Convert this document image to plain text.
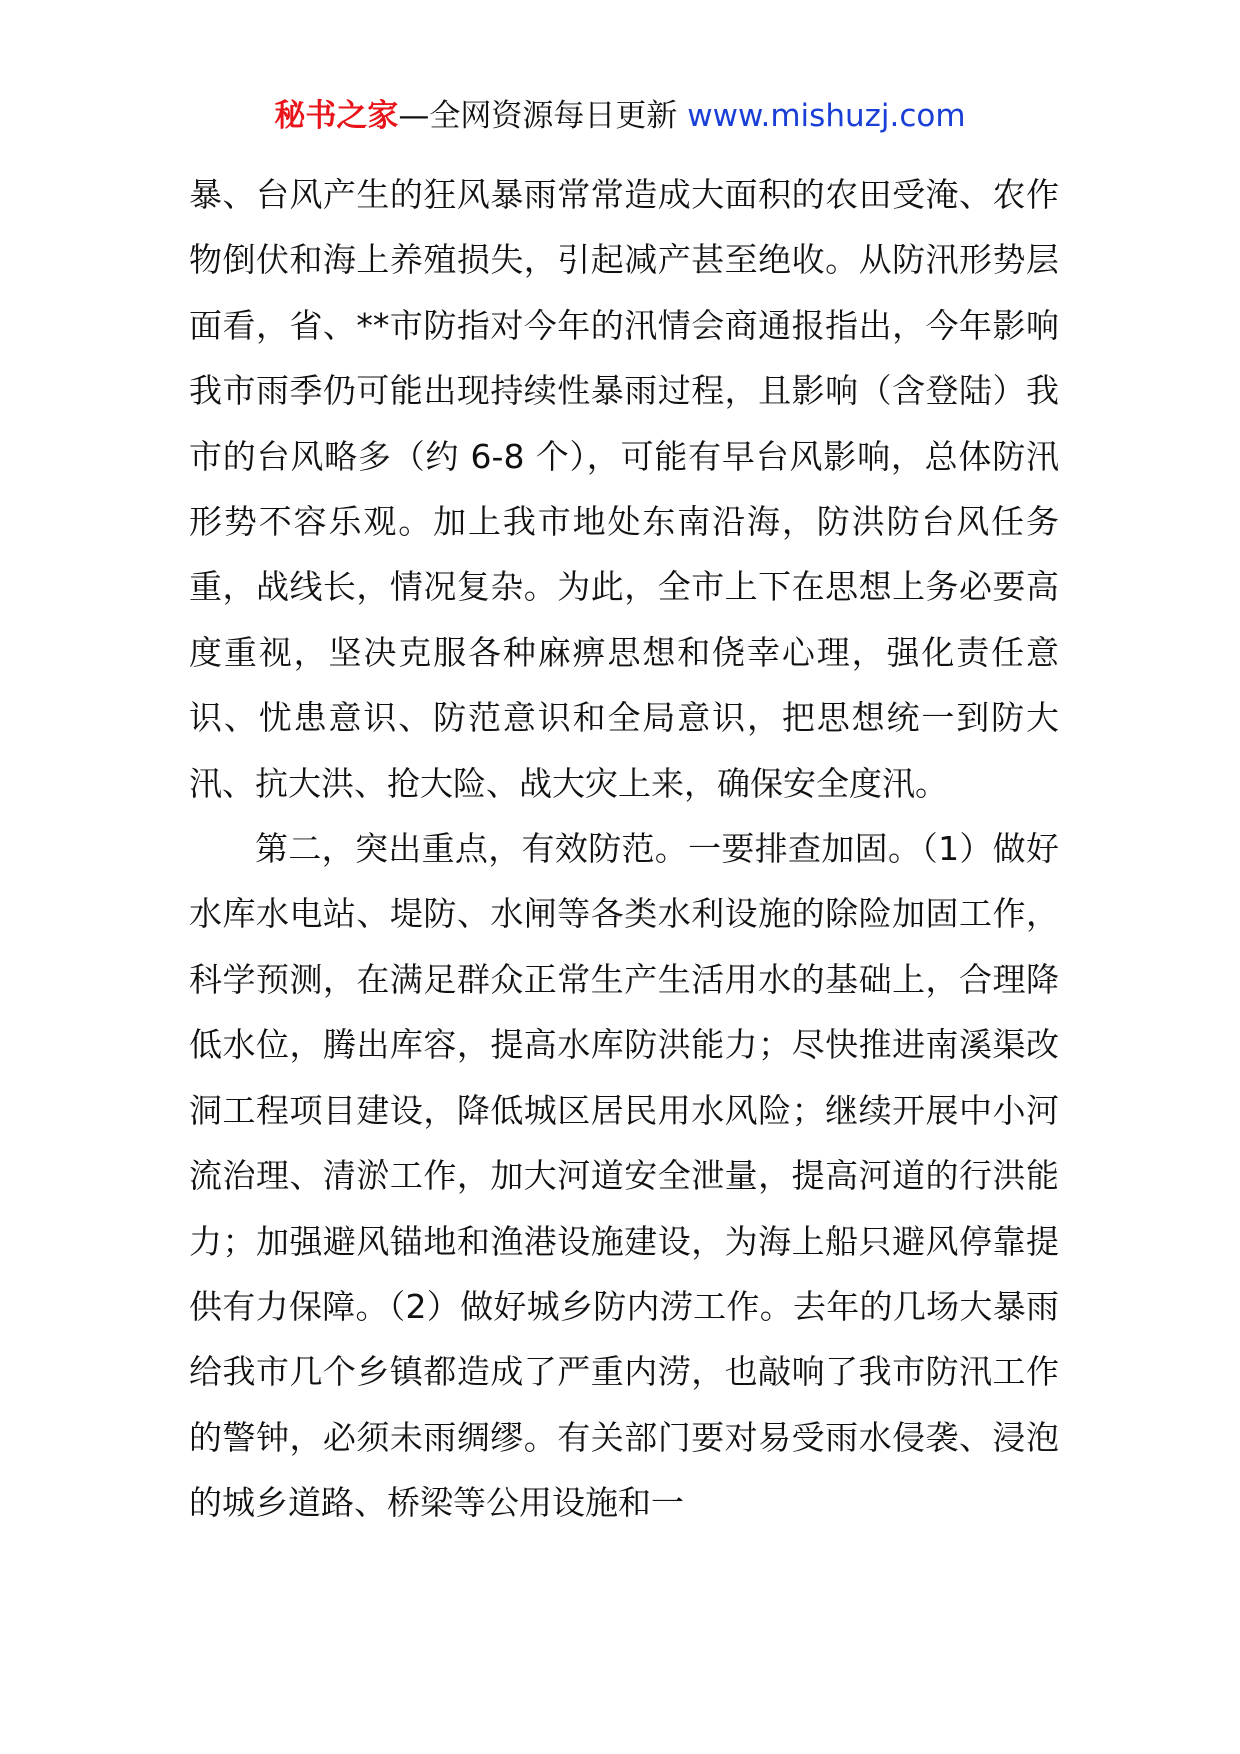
秘书之家—全网资源每日更新 www.mishuzj.com

暴、台风产生的狂风暴雨常常造成大面积的农田受淹、农作物倒伏和海上养殖损失，引起减产甚至绝收。从防汛形势层面看，省、**市防指对今年的汛情会商通报指出，今年影响我市雨季仍可能出现持续性暴雨过程，且影响（含登陆）我市的台风略多（约 6-8 个），可能有早台风影响，总体防汛形势不容乐观。加上我市地处东南沿海，防洪防台风任务重，战线长，情况复杂。为此，全市上下在思想上务必要高度重视，坚决克服各种麻痹思想和侥幸心理，强化责任意识、忧患意识、防范意识和全局意识，把思想统一到防大汛、抗大洪、抢大险、战大灾上来，确保安全度汛。

第二，突出重点，有效防范。一要排查加固。（1）做好水库水电站、堤防、水闸等各类水利设施的除险加固工作，科学预测，在满足群众正常生产生活用水的基础上，合理降低水位，腾出库容，提高水库防洪能力；尽快推进南溪渠改洞工程项目建设，降低城区居民用水风险；继续开展中小河流治理、清淤工作，加大河道安全泄量，提高河道的行洪能力；加强避风锚地和渔港设施建设，为海上船只避风停靠提供有力保障。（2）做好城乡防内涝工作。去年的几场大暴雨给我市几个乡镇都造成了严重内涝，也敲响了我市防汛工作的警钟，必须未雨绸缪。有关部门要对易受雨水侵袭、浸泡的城乡道路、桥梁等公用设施和一
